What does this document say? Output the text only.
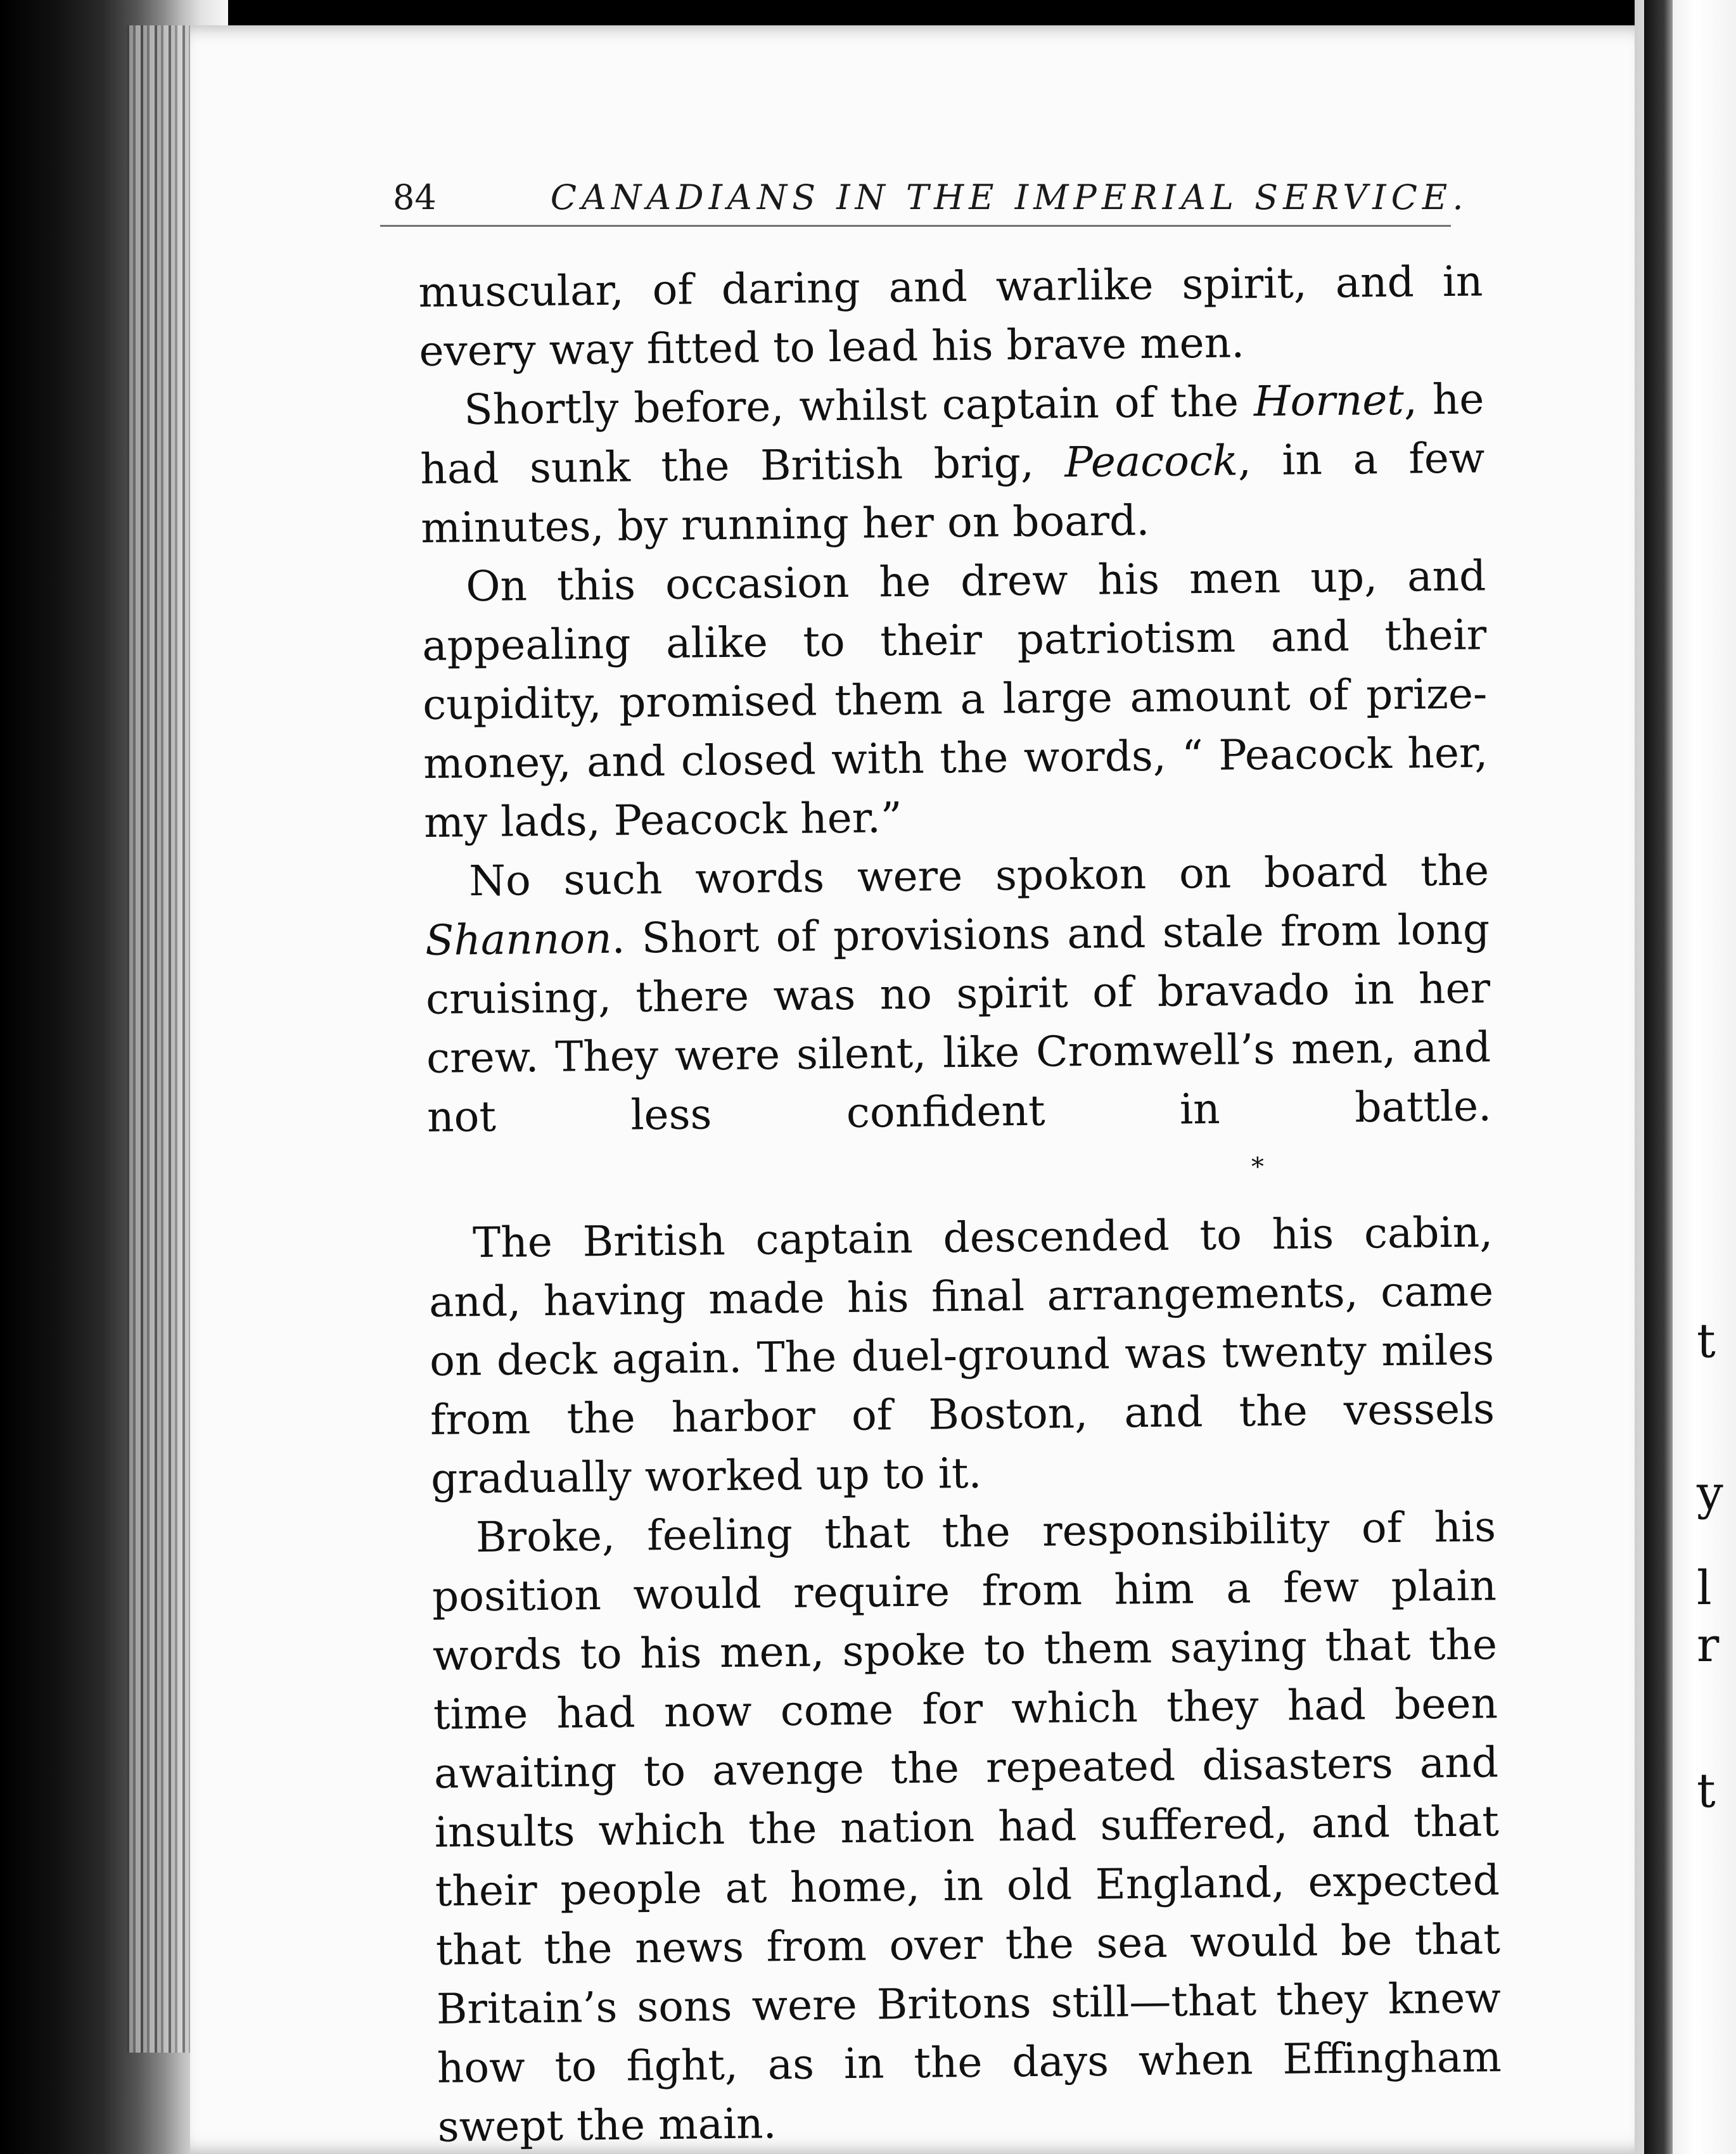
t
y
l
r
t
84	CANADIANS IN THE IMPERIAL SERVICE.

muscular, of daring and warlike spirit, and in every way fitted to lead his brave men.

Shortly before, whilst captain of the Hornet, he had sunk the British brig, Peacock, in a few minutes, by running her on board.

On this occasion he drew his men up, and appealing alike to their patriotism and their cupidity, promised them a large amount of prize-money, and closed with the words, “ Peacock her, my lads, Peacock her.”

No such words were spokon on board the Shannon. Short of provisions and stale from long cruising, there was no spirit of bravado in her crew. They were silent, like Cromwell’s men, and not less confident in battle. *

The British captain descended to his cabin, and, having made his final arrangements, came on deck again. The duel-ground was twenty miles from the harbor of Boston, and the vessels gradually worked up to it.

Broke, feeling that the responsibility of his position would require from him a few plain words to his men, spoke to them saying that the time had now come for which they had been awaiting to avenge the repeated disasters and insults which the nation had suffered, and that their people at home, in old England, expected that the news from over the sea would be that Britain’s sons were Britons still—that they knew how to fight, as in the days when Effingham swept the main.
